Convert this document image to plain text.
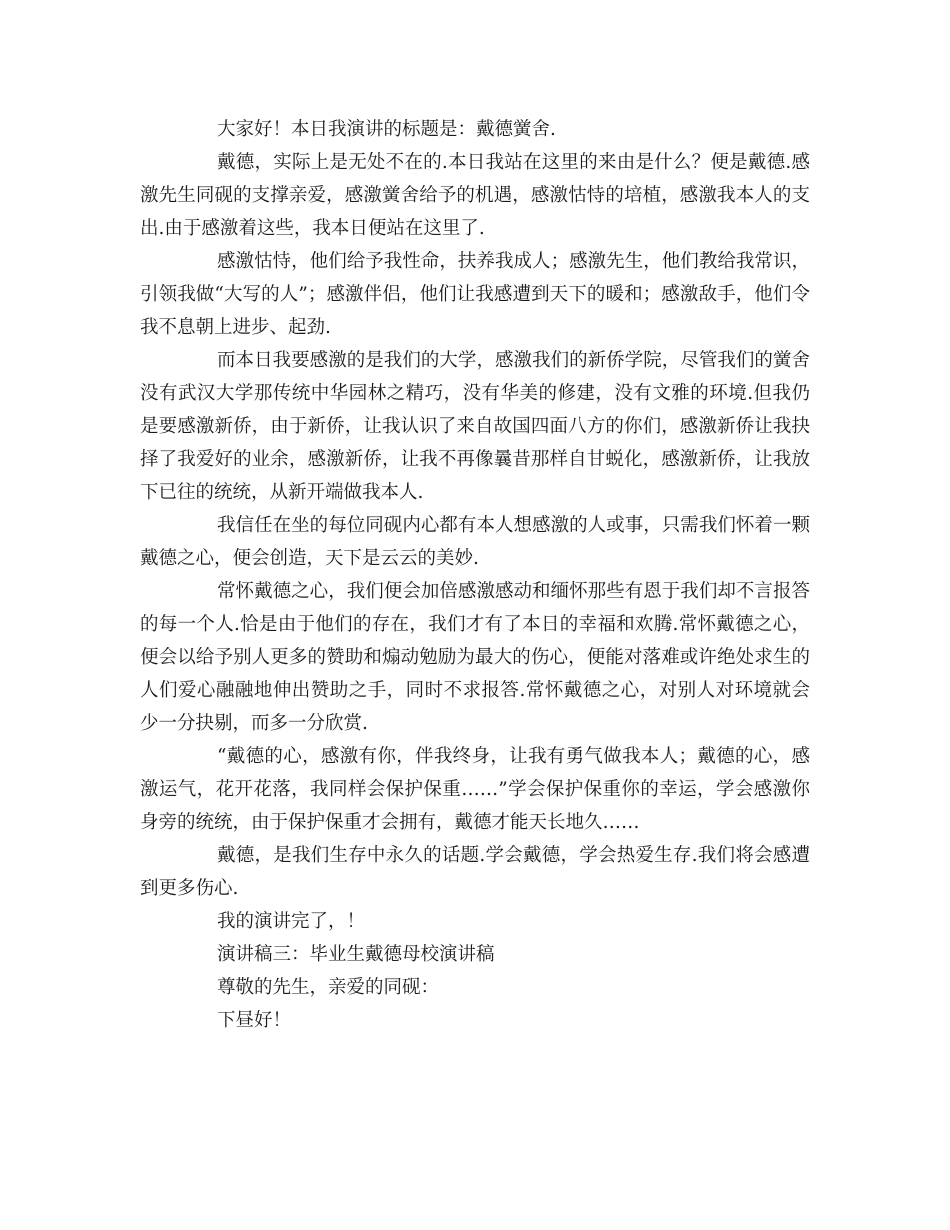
大家好！本日我演讲的标题是：戴德黉舍.

戴德，实际上是无处不在的.本日我站在这里的来由是什么？便是戴德.感激先生同砚的支撑亲爱，感激黉舍给予的机遇，感激怙恃的培植，感激我本人的支出.由于感激着这些，我本日便站在这里了.

感激怙恃，他们给予我性命，扶养我成人；感激先生，他们教给我常识，引领我做“大写的人”；感激伴侣，他们让我感遭到天下的暖和；感激敌手，他们令我不息朝上进步、起劲.

而本日我要感激的是我们的大学，感激我们的新侨学院，尽管我们的黉舍没有武汉大学那传统中华园林之精巧，没有华美的修建，没有文雅的环境.但我仍是要感激新侨，由于新侨，让我认识了来自故国四面八方的你们，感激新侨让我抉择了我爱好的业余，感激新侨，让我不再像曩昔那样自甘蜕化，感激新侨，让我放下已往的统统，从新开端做我本人.

我信任在坐的每位同砚内心都有本人想感激的人或事，只需我们怀着一颗戴德之心，便会创造，天下是云云的美妙.

常怀戴德之心，我们便会加倍感激感动和缅怀那些有恩于我们却不言报答的每一个人.恰是由于他们的存在，我们才有了本日的幸福和欢腾.常怀戴德之心，便会以给予别人更多的赞助和煽动勉励为最大的伤心，便能对落难或许绝处求生的人们爱心融融地伸出赞助之手，同时不求报答.常怀戴德之心，对别人对环境就会少一分抉剔，而多一分欣赏.

“戴德的心，感激有你，伴我终身，让我有勇气做我本人；戴德的心，感激运气，花开花落，我同样会保护保重……”学会保护保重你的幸运，学会感激你身旁的统统，由于保护保重才会拥有，戴德才能天长地久……

戴德，是我们生存中永久的话题.学会戴德，学会热爱生存.我们将会感遭到更多伤心.

我的演讲完了，！

演讲稿三：毕业生戴德母校演讲稿

尊敬的先生，亲爱的同砚：

下昼好！
